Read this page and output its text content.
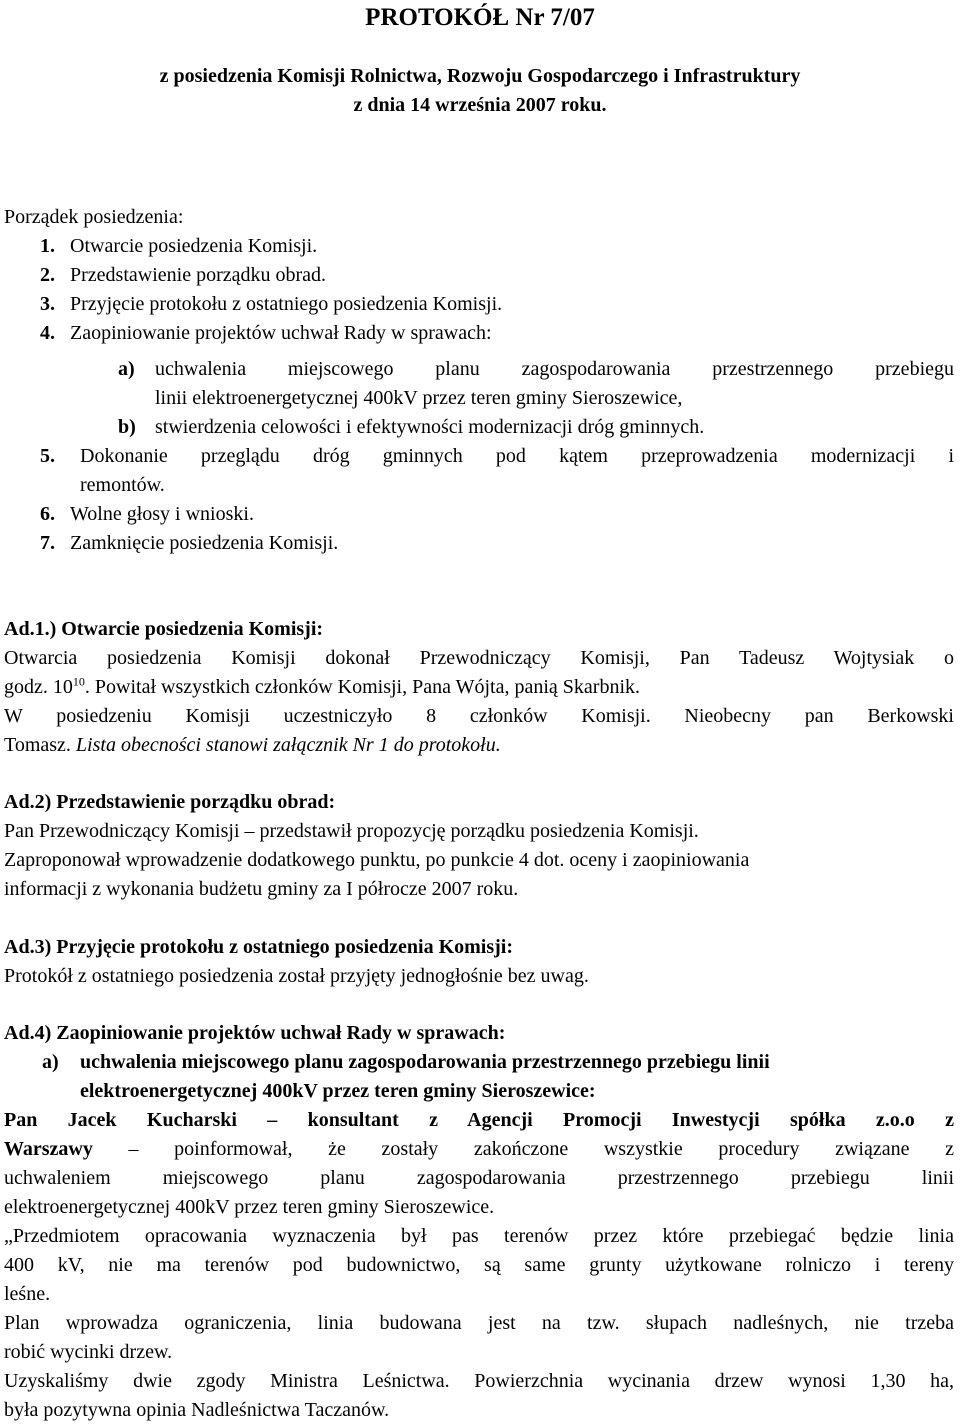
PROTOKÓŁ Nr 7/07
z posiedzenia Komisji Rolnictwa, Rozwoju Gospodarczego i Infrastruktury
z dnia 14 września 2007 roku.
Porządek posiedzenia:
1. Otwarcie posiedzenia Komisji.
2. Przedstawienie porządku obrad.
3. Przyjęcie protokołu z ostatniego posiedzenia Komisji.
4. Zaopiniowanie projektów uchwał Rady w sprawach:
a)	uchwalenia miejscowego planu zagospodarowania przestrzennego przebiegu
linii elektroenergetycznej 400kV przez teren gminy Sieroszewice,
b) stwierdzenia celowości i efektywności modernizacji dróg gminnych.
5.	Dokonanie przeglądu dróg gminnych pod kątem przeprowadzenia modernizacji i
remontów.
6. Wolne głosy i wnioski.
7. Zamknięcie posiedzenia Komisji.
Ad.1.) Otwarcie posiedzenia Komisji:
Otwarcia posiedzenia Komisji dokonał Przewodniczący Komisji, Pan Tadeusz Wojtysiak o
godz. $10^{10}$. Powitał wszystkich członków Komisji, Pana Wójta, panią Skarbnik.
W posiedzeniu Komisji uczestniczyło 8 członków Komisji. Nieobecny pan Berkowski
Tomasz. Lista obecności stanowi załącznik Nr 1 do protokołu.
Ad.2) Przedstawienie porządku obrad:
Pan Przewodniczący Komisji – przedstawił propozycję porządku posiedzenia Komisji.
Zaproponował wprowadzenie dodatkowego punktu, po punkcie 4 dot. oceny i zaopiniowania
informacji z wykonania budżetu gminy za I półrocze 2007 roku.
Ad.3) Przyjęcie protokołu z ostatniego posiedzenia Komisji:
Protokół z ostatniego posiedzenia został przyjęty jednogłośnie bez uwag.
Ad.4) Zaopiniowanie projektów uchwał Rady w sprawach:
a) uchwalenia miejscowego planu zagospodarowania przestrzennego przebiegu linii
elektroenergetycznej 400kV przez teren gminy Sieroszewice:
Pan Jacek Kucharski – konsultant z Agencji Promocji Inwestycji spółka z.o.o z
Warszawy – poinformował, że zostały zakończone wszystkie procedury związane z
uchwaleniem miejscowego planu zagospodarowania przestrzennego przebiegu linii
elektroenergetycznej 400kV przez teren gminy Sieroszewice.
„Przedmiotem opracowania wyznaczenia był pas terenów przez które przebiegać będzie linia
400 kV, nie ma terenów pod budownictwo, są same grunty użytkowane rolniczo i tereny
leśne.
Plan wprowadza ograniczenia, linia budowana jest na tzw. słupach nadleśnych, nie trzeba
robić wycinki drzew.
Uzyskaliśmy dwie zgody Ministra Leśnictwa. Powierzchnia wycinania drzew wynosi 1,30 ha,
była pozytywna opinia Nadleśnictwa Taczanów.
